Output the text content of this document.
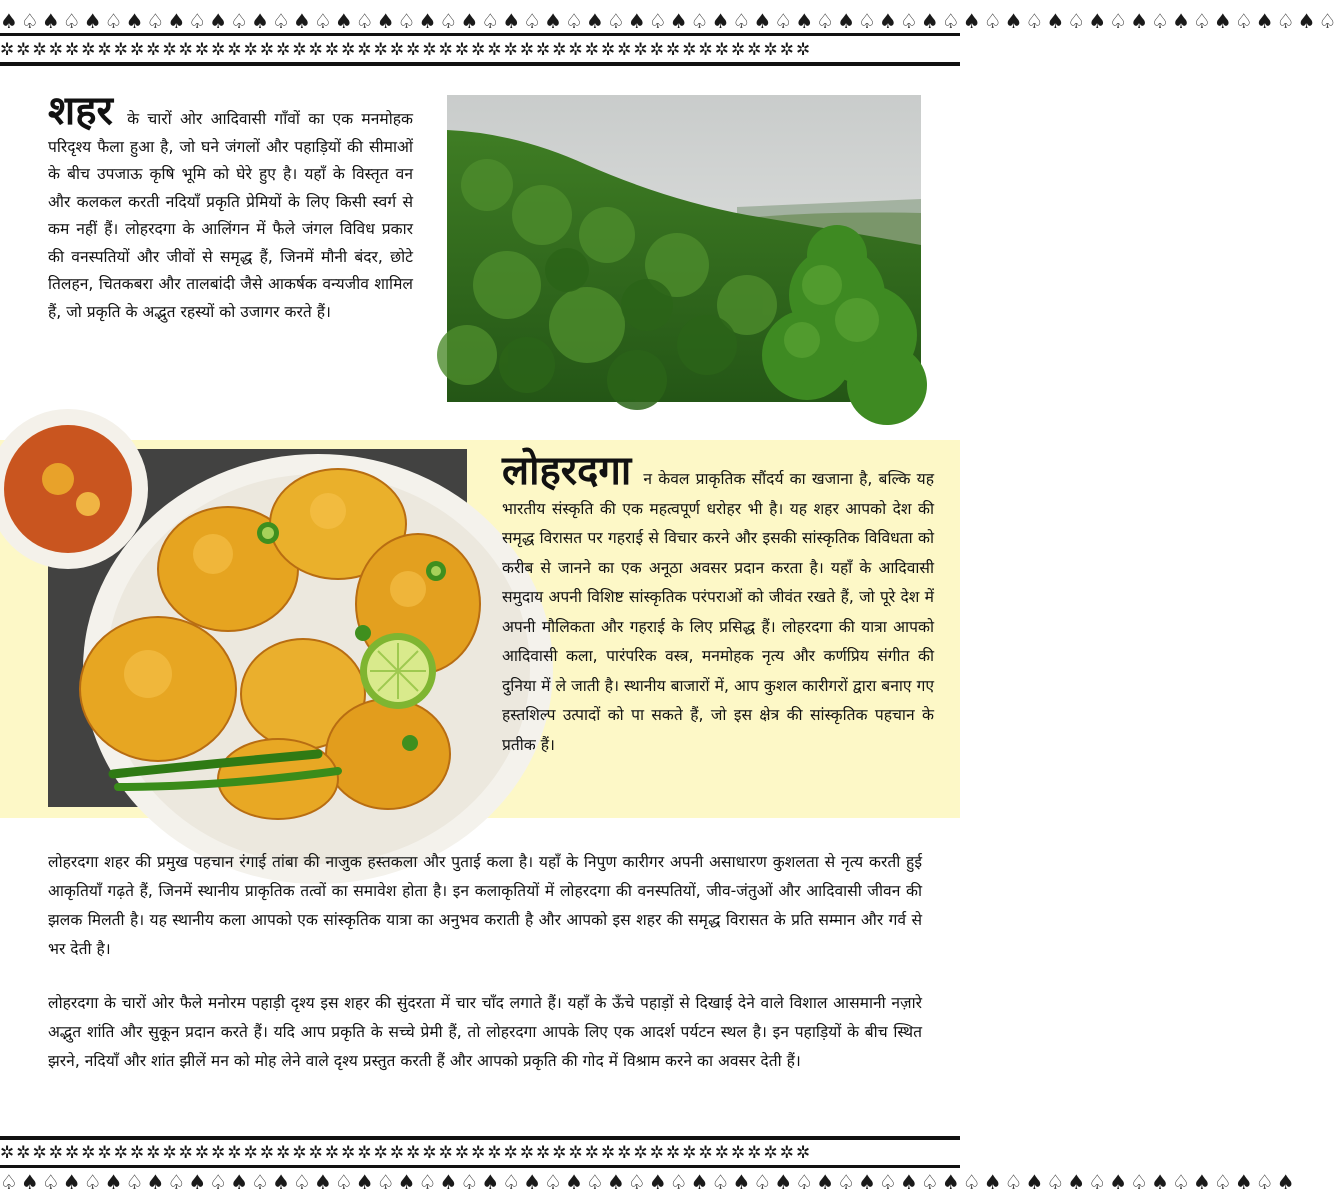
♠♤♠♤♠♤♠♤♠♤♠♤♠♤♠♤♠♤♠♤♠♤♠♤♠♤♠♤♠♤♠♤♠♤♠♤♠♤♠♤♠♤♠♤♠♤♠♤♠♤♠♤♠♤♠♤♠♤♠♤♠♤♠♤
✲✲✲✲✲✲✲✲✲✲✲✲✲✲✲✲✲✲✲✲✲✲✲✲✲✲✲✲✲✲✲✲✲✲✲✲✲✲✲✲✲✲✲✲✲✲✲✲✲✲
शहर के चारों ओर आदिवासी गाँवों का एक मनमोहक परिदृश्य फैला हुआ है, जो घने जंगलों और पहाड़ियों की सीमाओं के बीच उपजाऊ कृषि भूमि को घेरे हुए है। यहाँ के विस्तृत वन और कलकल करती नदियाँ प्रकृति प्रेमियों के लिए किसी स्वर्ग से कम नहीं हैं। लोहरदगा के आलिंगन में फैले जंगल विविध प्रकार की वनस्पतियों और जीवों से समृद्ध हैं, जिनमें मौनी बंदर, छोटे तिलहन, चितकबरा और तालबांदी जैसे आकर्षक वन्यजीव शामिल हैं, जो प्रकृति के अद्भुत रहस्यों को उजागर करते हैं।
लोहरदगा न केवल प्राकृतिक सौंदर्य का खजाना है, बल्कि यह भारतीय संस्कृति की एक महत्वपूर्ण धरोहर भी है। यह शहर आपको देश की समृद्ध विरासत पर गहराई से विचार करने और इसकी सांस्कृतिक विविधता को करीब से जानने का एक अनूठा अवसर प्रदान करता है। यहाँ के आदिवासी समुदाय अपनी विशिष्ट सांस्कृतिक परंपराओं को जीवंत रखते हैं, जो पूरे देश में अपनी मौलिकता और गहराई के लिए प्रसिद्ध हैं। लोहरदगा की यात्रा आपको आदिवासी कला, पारंपरिक वस्त्र, मनमोहक नृत्य और कर्णप्रिय संगीत की दुनिया में ले जाती है। स्थानीय बाजारों में, आप कुशल कारीगरों द्वारा बनाए गए हस्तशिल्प उत्पादों को पा सकते हैं, जो इस क्षेत्र की सांस्कृतिक पहचान के प्रतीक हैं।

लोहरदगा शहर की प्रमुख पहचान रंगाई तांबा की नाजुक हस्तकला और पुताई कला है। यहाँ के निपुण कारीगर अपनी असाधारण कुशलता से नृत्य करती हुई आकृतियाँ गढ़ते हैं, जिनमें स्थानीय प्राकृतिक तत्वों का समावेश होता है। इन कलाकृतियों में लोहरदगा की वनस्पतियों, जीव-जंतुओं और आदिवासी जीवन की झलक मिलती है। यह स्थानीय कला आपको एक सांस्कृतिक यात्रा का अनुभव कराती है और आपको इस शहर की समृद्ध विरासत के प्रति सम्मान और गर्व से भर देती है।

लोहरदगा के चारों ओर फैले मनोरम पहाड़ी दृश्य इस शहर की सुंदरता में चार चाँद लगाते हैं। यहाँ के ऊँचे पहाड़ों से दिखाई देने वाले विशाल आसमानी नज़ारे अद्भुत शांति और सुकून प्रदान करते हैं। यदि आप प्रकृति के सच्चे प्रेमी हैं, तो लोहरदगा आपके लिए एक आदर्श पर्यटन स्थल है। इन पहाड़ियों के बीच स्थित झरने, नदियाँ और शांत झीलें मन को मोह लेने वाले दृश्य प्रस्तुत करती हैं और आपको प्रकृति की गोद में विश्राम करने का अवसर देती हैं।

✲✲✲✲✲✲✲✲✲✲✲✲✲✲✲✲✲✲✲✲✲✲✲✲✲✲✲✲✲✲✲✲✲✲✲✲✲✲✲✲✲✲✲✲✲✲✲✲✲✲
♤♠♤♠♤♠♤♠♤♠♤♠♤♠♤♠♤♠♤♠♤♠♤♠♤♠♤♠♤♠♤♠♤♠♤♠♤♠♤♠♤♠♤♠♤♠♤♠♤♠♤♠♤♠♤♠♤♠♤♠♤♠
